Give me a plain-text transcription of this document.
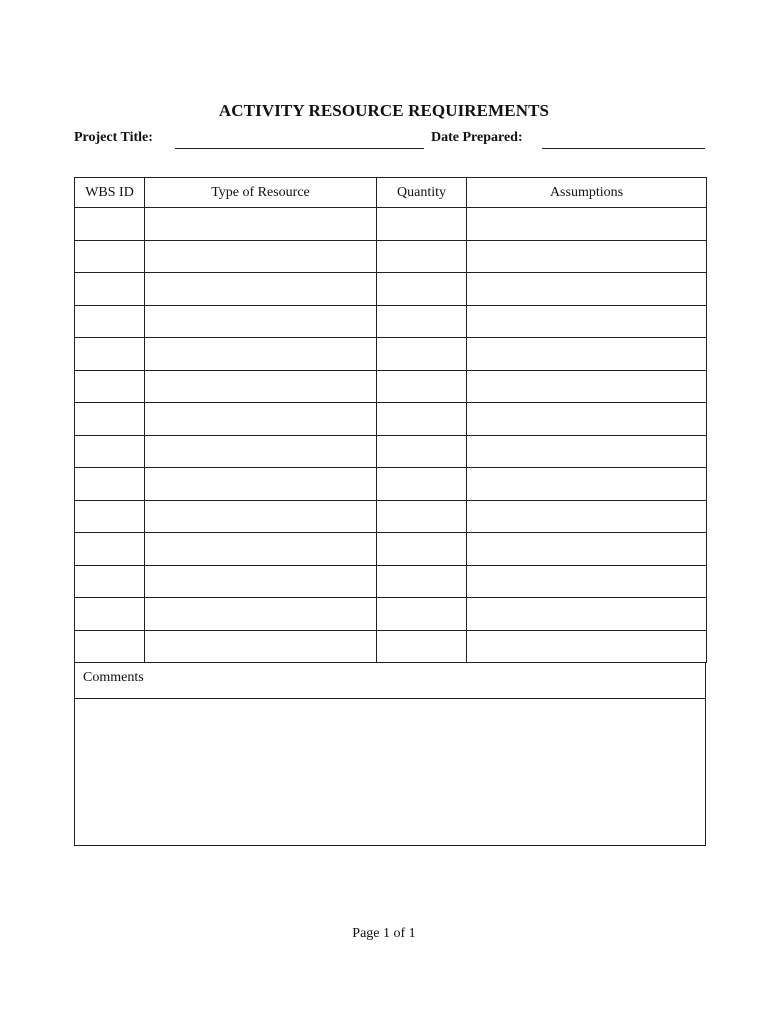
ACTIVITY RESOURCE REQUIREMENTS
Project Title:	Date Prepared:
WBS ID	Type of Resource	Quantity	Assumptions

Comments
Page 1 of 1
